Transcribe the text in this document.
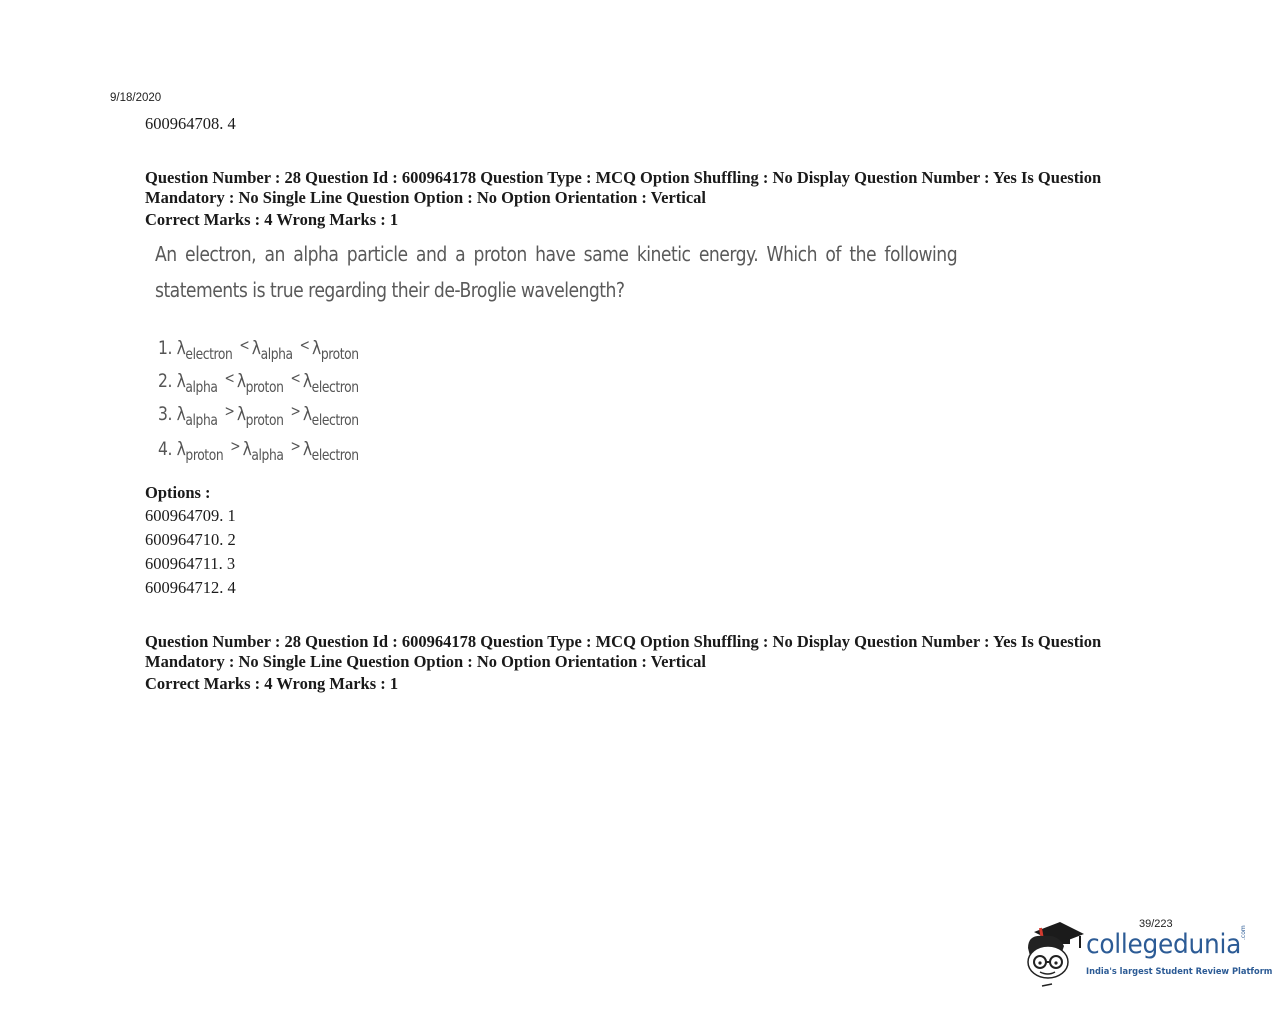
9/18/2020
600964708. 4
Question Number : 28 Question Id : 600964178 Question Type : MCQ Option Shuffling : No Display Question Number : Yes Is Question Mandatory : No Single Line Question Option : No Option Orientation : Vertical
Correct Marks : 4 Wrong Marks : 1
An electron, an alpha particle and a proton have same kinetic energy. Which of the following
statements is true regarding their de-Broglie wavelength?
1. $\lambda_{electron}$ < $\lambda_{alpha}$ < $\lambda_{proton}$
2. $\lambda_{alpha}$ < $\lambda_{proton}$ < $\lambda_{electron}$
3. $\lambda_{alpha}$ > $\lambda_{proton}$ > $\lambda_{electron}$
4. $\lambda_{proton}$ > $\lambda_{alpha}$ > $\lambda_{electron}$
Options :
600964709. 1
600964710. 2
600964711. 3
600964712. 4
Question Number : 28 Question Id : 600964178 Question Type : MCQ Option Shuffling : No Display Question Number : Yes Is Question Mandatory : No Single Line Question Option : No Option Orientation : Vertical
Correct Marks : 4 Wrong Marks : 1
39/223
collegedunia
.com
India's largest Student Review Platform
